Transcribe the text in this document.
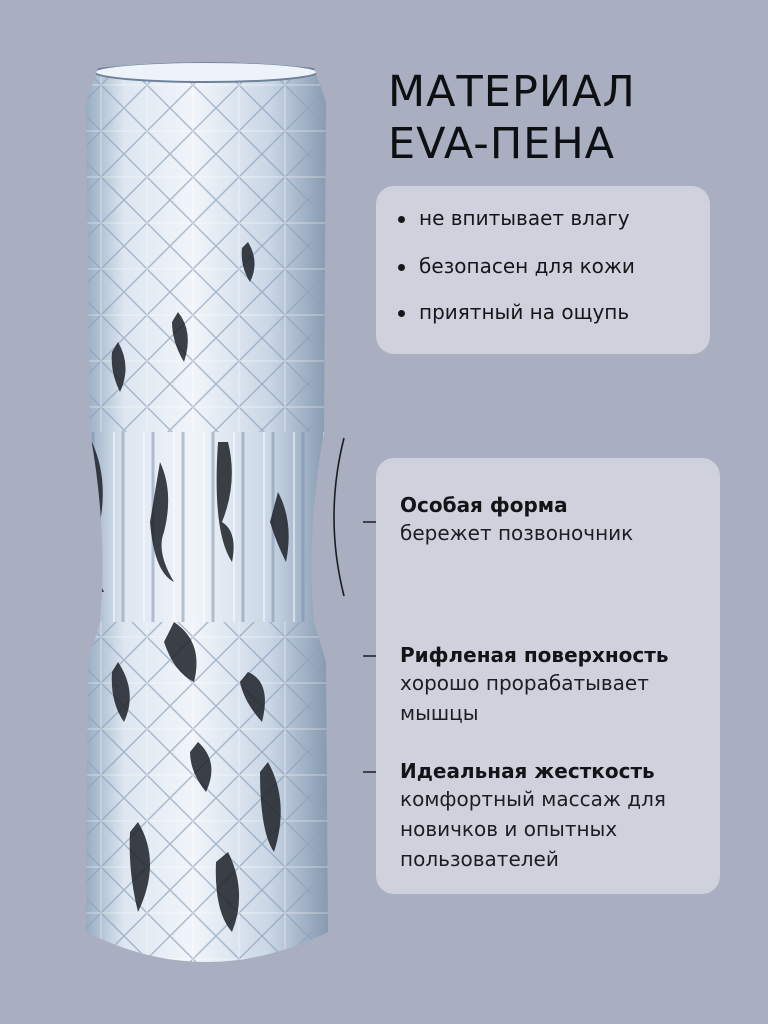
МАТЕРИАЛ
EVA-ПЕНА
не впитывает влагу
безопасен для кожи
приятный на ощупь
Особая форма
бережет позвоночник
Рифленая поверхность
хорошо прорабатывает мышцы
Идеальная жесткость
комфортный массаж для новичков и опытных пользователей
